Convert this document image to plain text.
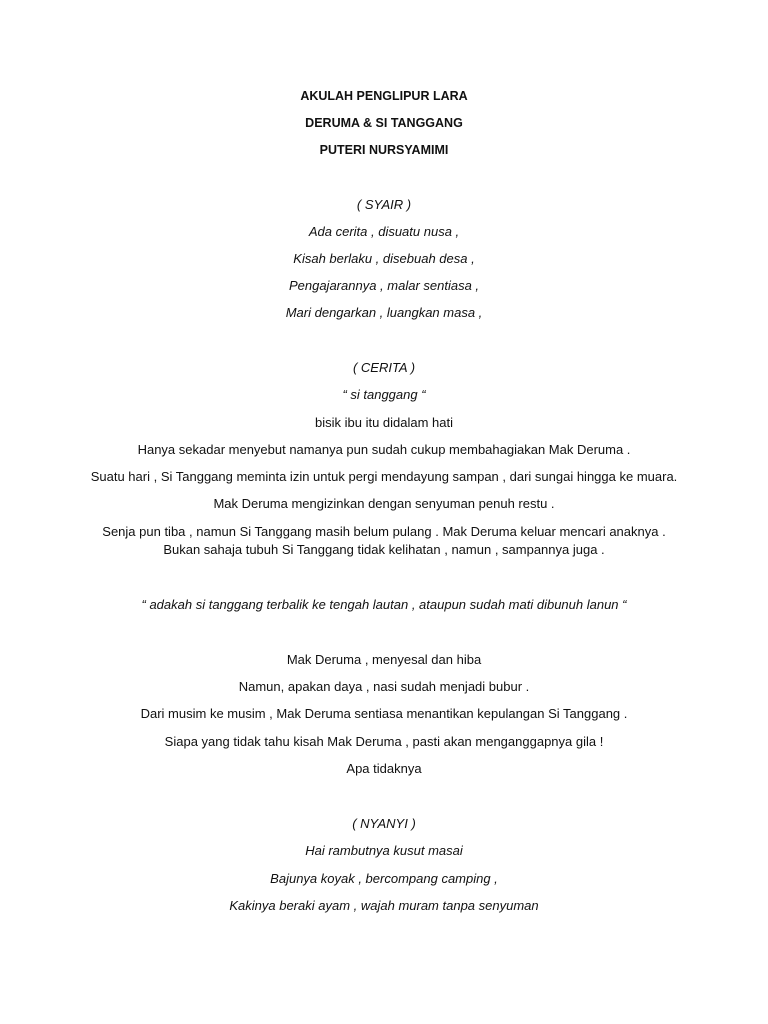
AKULAH PENGLIPUR LARA
DERUMA & SI TANGGANG
PUTERI NURSYAMIMI
( SYAIR )
Ada cerita , disuatu nusa ,
Kisah berlaku , disebuah desa ,
Pengajarannya , malar sentiasa ,
Mari dengarkan , luangkan masa ,
( CERITA )
“ si tanggang “
bisik ibu itu didalam hati
Hanya sekadar menyebut namanya pun sudah cukup membahagiakan Mak Deruma .
Suatu hari , Si Tanggang meminta izin untuk pergi mendayung sampan , dari sungai hingga ke muara.
Mak Deruma mengizinkan dengan senyuman penuh restu .
Senja pun tiba , namun Si Tanggang masih belum pulang . Mak Deruma keluar mencari anaknya .
Bukan sahaja tubuh Si Tanggang tidak kelihatan , namun , sampannya juga .
“ adakah si tanggang terbalik ke tengah lautan , ataupun sudah mati dibunuh lanun “
Mak Deruma , menyesal dan hiba
Namun, apakan daya , nasi sudah menjadi bubur .
Dari musim ke musim , Mak Deruma sentiasa menantikan kepulangan Si Tanggang .
Siapa yang tidak tahu kisah Mak Deruma , pasti akan menganggapnya gila !
Apa tidaknya
( NYANYI )
Hai rambutnya kusut masai
Bajunya koyak , bercompang camping ,
Kakinya beraki ayam , wajah muram tanpa senyuman
